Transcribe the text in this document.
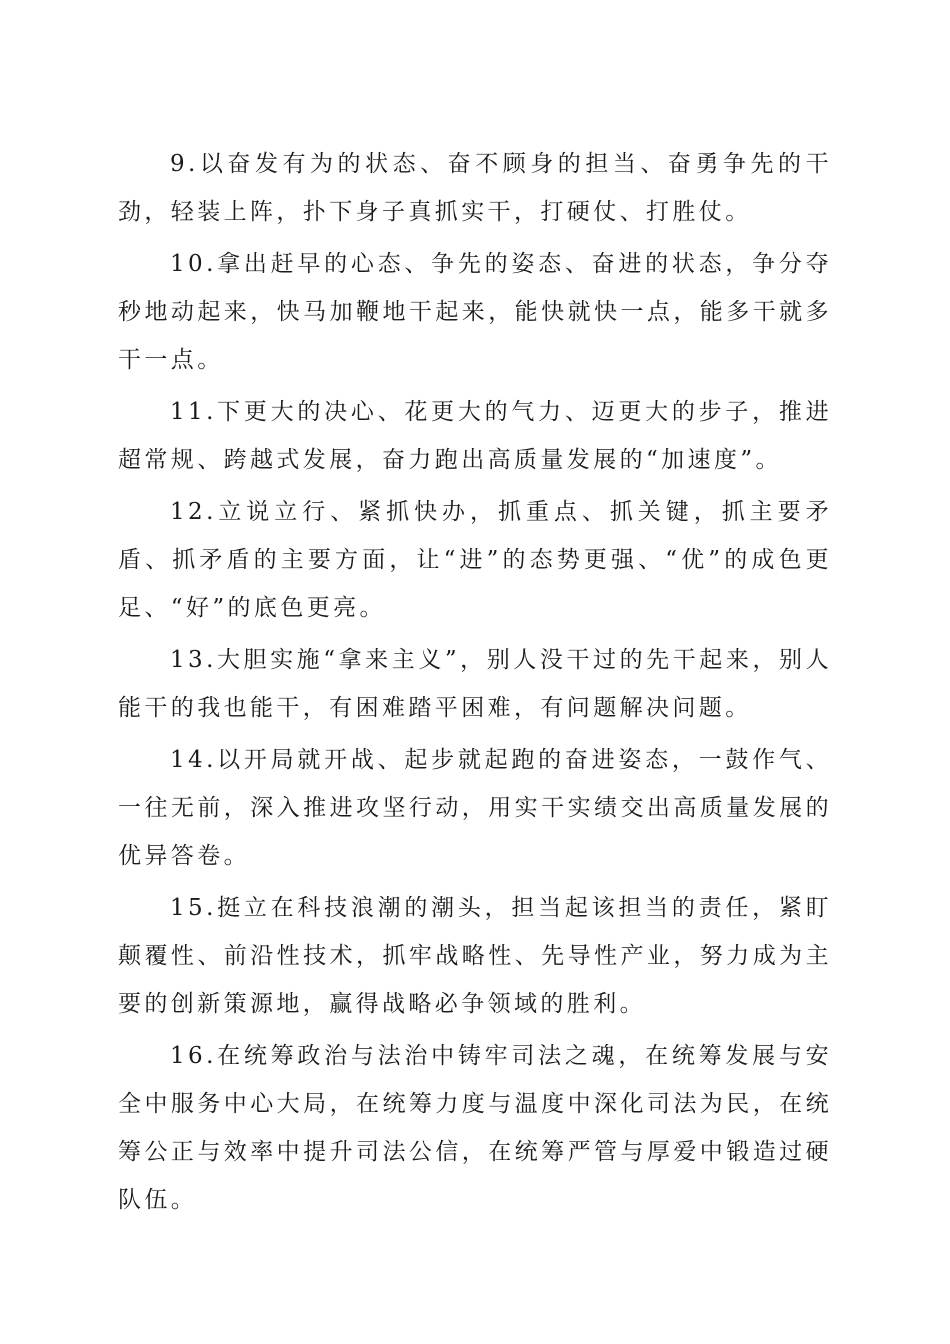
9.以奋发有为的状态、奋不顾身的担当、奋勇争先的干劲，轻装上阵，扑下身子真抓实干，打硬仗、打胜仗。

10.拿出赶早的心态、争先的姿态、奋进的状态，争分夺秒地动起来，快马加鞭地干起来，能快就快一点，能多干就多干一点。

11.下更大的决心、花更大的气力、迈更大的步子，推进超常规、跨越式发展，奋力跑出高质量发展的“加速度”。

12.立说立行、紧抓快办，抓重点、抓关键，抓主要矛盾、抓矛盾的主要方面，让“进”的态势更强、“优”的成色更足、“好”的底色更亮。

13.大胆实施“拿来主义”，别人没干过的先干起来，别人能干的我也能干，有困难踏平困难，有问题解决问题。

14.以开局就开战、起步就起跑的奋进姿态，一鼓作气、一往无前，深入推进攻坚行动，用实干实绩交出高质量发展的优异答卷。

15.挺立在科技浪潮的潮头，担当起该担当的责任，紧盯颠覆性、前沿性技术，抓牢战略性、先导性产业，努力成为主要的创新策源地，赢得战略必争领域的胜利。

16.在统筹政治与法治中铸牢司法之魂，在统筹发展与安全中服务中心大局，在统筹力度与温度中深化司法为民，在统筹公正与效率中提升司法公信，在统筹严管与厚爱中锻造过硬队伍。
